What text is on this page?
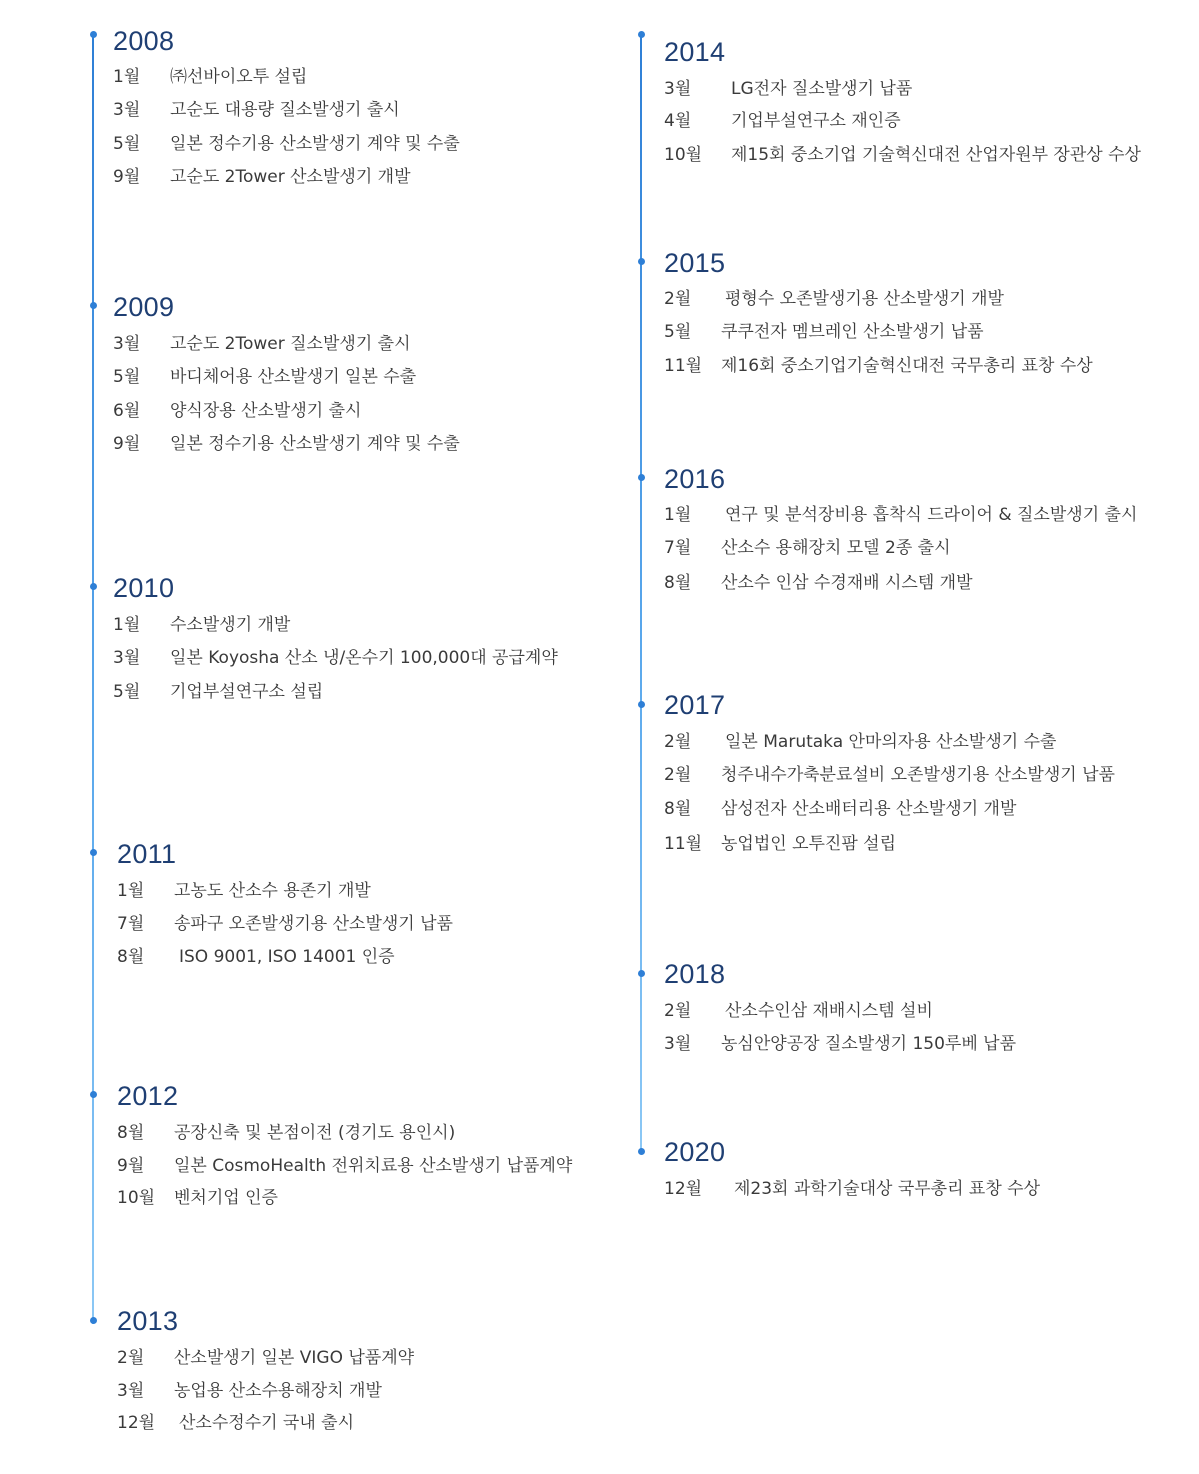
2008
1월 ㈜선바이오투 설립
3월 고순도 대용량 질소발생기 출시
5월 일본 정수기용 산소발생기 계약 및 수출
9월 고순도 2Tower 산소발생기 개발
2009
3월 고순도 2Tower 질소발생기 출시
5월 바디체어용 산소발생기 일본 수출
6월 양식장용 산소발생기 출시
9월 일본 정수기용 산소발생기 계약 및 수출
2010
1월 수소발생기 개발
3월 일본 Koyosha 산소 냉/온수기 100,000대 공급계약
5월 기업부설연구소 설립
2011
1월 고농도 산소수 용존기 개발
7월 송파구 오존발생기용 산소발생기 납품
8월 ISO 9001, ISO 14001 인증
2012
8월 공장신축 및 본점이전 (경기도 용인시)
9월 일본 CosmoHealth 전위치료용 산소발생기 납품계약
10월 벤처기업 인증
2013
2월 산소발생기 일본 VIGO 납품계약
3월 농업용 산소수용해장치 개발
12월 산소수정수기 국내 출시
2014
3월 LG전자 질소발생기 납품
4월 기업부설연구소 재인증
10월 제15회 중소기업 기술혁신대전 산업자원부 장관상 수상
2015
2월 평형수 오존발생기용 산소발생기 개발
5월 쿠쿠전자 멤브레인 산소발생기 납품
11월 제16회 중소기업기술혁신대전 국무총리 표창 수상
2016
1월 연구 및 분석장비용 흡착식 드라이어 & 질소발생기 출시
7월 산소수 용해장치 모델 2종 출시
8월 산소수 인삼 수경재배 시스템 개발
2017
2월 일본 Marutaka 안마의자용 산소발생기 수출
2월 청주내수가축분료설비 오존발생기용 산소발생기 납품
8월 삼성전자 산소배터리용 산소발생기 개발
11월 농업법인 오투진팜 설립
2018
2월 산소수인삼 재배시스템 설비
3월 농심안양공장 질소발생기 150루베 납품
2020
12월 제23회 과학기술대상 국무총리 표창 수상
